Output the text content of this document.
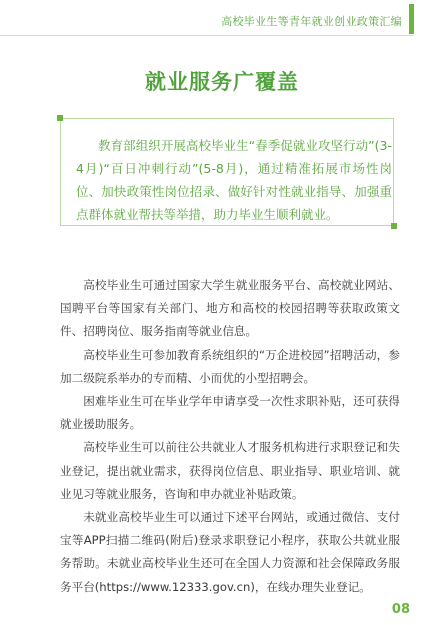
高校毕业生等青年就业创业政策汇编
就业服务广覆盖
教育部组织开展高校毕业生“春季促就业攻坚行动”(3-4月)“百日冲刺行动”(5-8月)，通过精准拓展市场性岗位、加快政策性岗位招录、做好针对性就业指导、加强重点群体就业帮扶等举措，助力毕业生顺利就业。

高校毕业生可通过国家大学生就业服务平台、高校就业网站、国聘平台等国家有关部门、地方和高校的校园招聘等获取政策文件、招聘岗位、服务指南等就业信息。

高校毕业生可参加教育系统组织的“万企进校园”招聘活动，参加二级院系举办的专而精、小而优的小型招聘会。

困难毕业生可在毕业学年申请享受一次性求职补贴，还可获得就业援助服务。

高校毕业生可以前往公共就业人才服务机构进行求职登记和失业登记，提出就业需求，获得岗位信息、职业指导、职业培训、就业见习等就业服务，咨询和申办就业补贴政策。

未就业高校毕业生可以通过下述平台网站，或通过微信、支付宝等APP扫描二维码(附后)登录求职登记小程序，获取公共就业服务帮助。未就业高校毕业生还可在全国人力资源和社会保障政务服务平台(https://www.12333.gov.cn)，在线办理失业登记。

08
